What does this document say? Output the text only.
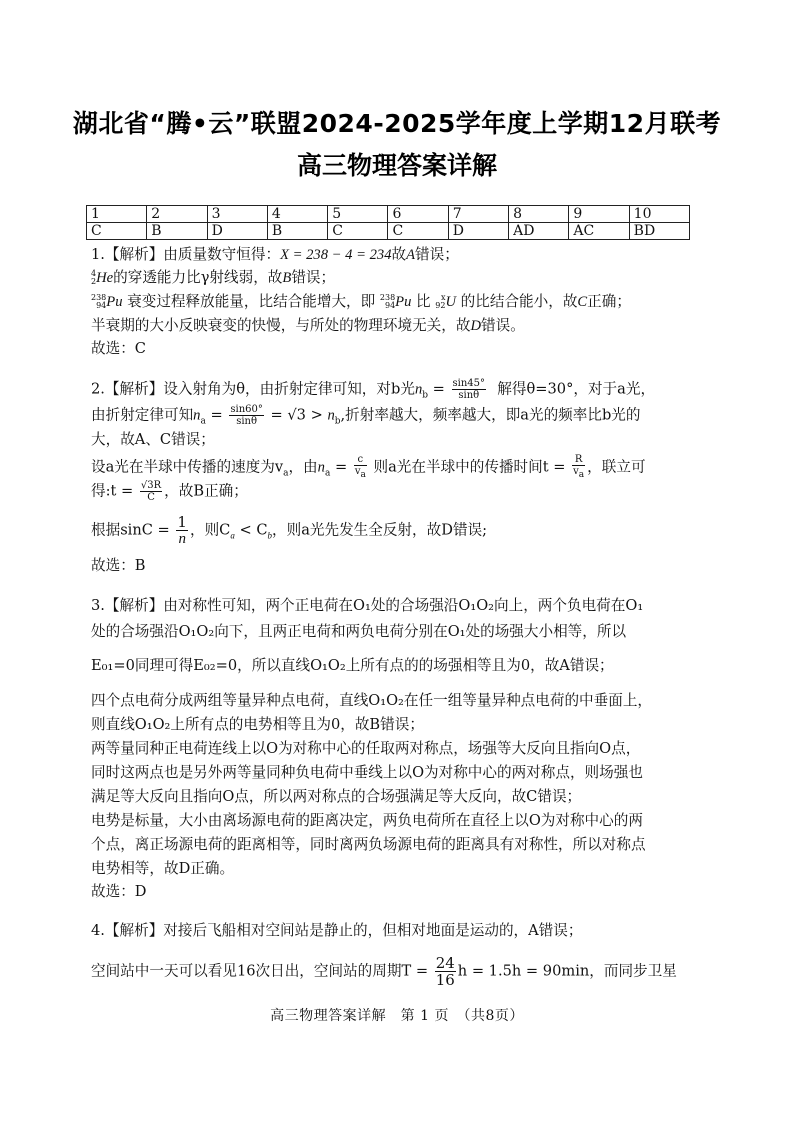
湖北省“腾•云”联盟2024-2025学年度上学期12月联考
高三物理答案详解
1	2	3	4	5	6	7	8	9	10
C	B	D	B	C	C	D	AD	AC	BD
1.【解析】由质量数守恒得：X = 238 − 4 = 234故A错误；
4
2He的穿透能力比γ射线弱，故B错误；
238
94Pu 衰变过程释放能量，比结合能增大，即 238
94Pu 比 x
92U 的比结合能小，故C正确；
半衰期的大小反映衰变的快慢，与所处的物理环境无关，故D错误。
故选：C
2.【解析】设入射角为θ，由折射定律可知，对b光$n_b = \frac{\sin 45^\circ}{\sin\theta}$ 解得θ=30°，对于a光，
由折射定律可知$n_a = \frac{\sin 60^\circ}{\sin\theta} = √3 > n_b$,折射率越大，频率越大，即a光的频率比b光的
大，故A、C错误；
设a光在半球中传播的速度为$v_a$，由$n_a = \frac{c}{v_a}$ 则a光在半球中的传播时间$t = \frac{R}{v_a}$ ，联立可
得:t = $\frac{√3R}{C}$ ，故B正确；
根据$\sin C = \frac{1}{n}$ ，则$C_a < C_b$，则a光先发生全反射，故D错误;
故选：B
3.【解析】由对称性可知，两个正电荷在O₁处的合场强沿O₁O₂向上，两个负电荷在O₁
处的合场强沿O₁O₂向下，且两正电荷和两负电荷分别在O₁处的场强大小相等，所以
E₀₁=0同理可得E₀₂=0，所以直线O₁O₂上所有点的的场强相等且为0，故A错误；
四个点电荷分成两组等量异种点电荷，直线O₁O₂在任一组等量异种点电荷的中垂面上，
则直线O₁O₂上所有点的电势相等且为0，故B错误；
两等量同种正电荷连线上以O为对称中心的任取两对称点，场强等大反向且指向O点，
同时这两点也是另外两等量同种负电荷中垂线上以O为对称中心的两对称点，则场强也
满足等大反向且指向O点，所以两对称点的合场强满足等大反向，故C错误；
电势是标量，大小由离场源电荷的距离决定，两负电荷所在直径上以O为对称中心的两
个点，离正场源电荷的距离相等，同时离两负场源电荷的距离具有对称性，所以对称点
电势相等，故D正确。
故选：D
4.【解析】对接后飞船相对空间站是静止的，但相对地面是运动的，A错误；
空间站中一天可以看见16次日出，空间站的周期$T = \frac{24}{16}$ h = 1.5h = 90min，而同步卫星
高三物理答案详解　第 1 页　（共8页）
